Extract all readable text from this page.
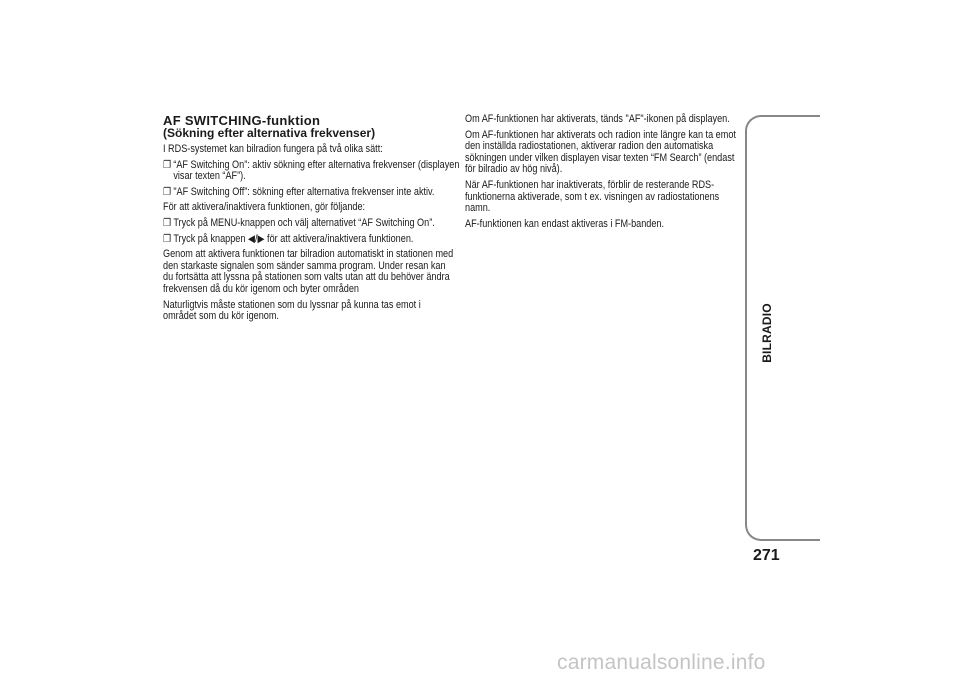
AF SWITCHING-funktion
(Sökning efter alternativa frekvenser)

I RDS-systemet kan bilradion fungera på två olika sätt:

❐ “AF Switching On”: aktiv sökning efter alternativa frekvenser (displayen visar texten “AF”).
❐ "AF Switching Off”: sökning efter alternativa frekvenser inte aktiv.

För att aktivera/inaktivera funktionen, gör följande:

❐ Tryck på MENU-knappen och välj alternativet “AF Switching On”.
❐ Tryck på knappen ◀/▶ för att aktivera/inaktivera funktionen.

Genom att aktivera funktionen tar bilradion automatiskt in stationen med den starkaste signalen som sänder samma program. Under resan kan du fortsätta att lyssna på stationen som valts utan att du behöver ändra frekvensen då du kör igenom och byter områden

Naturligtvis måste stationen som du lyssnar på kunna tas emot i området som du kör igenom.

Om AF-funktionen har aktiverats, tänds "AF"-ikonen på displayen.

Om AF-funktionen har aktiverats och radion inte längre kan ta emot den inställda radiostationen, aktiverar radion den automatiska sökningen under vilken displayen visar texten “FM Search” (endast för bilradio av hög nivå).

När AF-funktionen har inaktiverats, förblir de resterande RDS-funktionerna aktiverade, som t ex. visningen av radiostationens namn.

AF-funktionen kan endast aktiveras i FM-banden.

BILRADIO
271
carmanualsonline.info
